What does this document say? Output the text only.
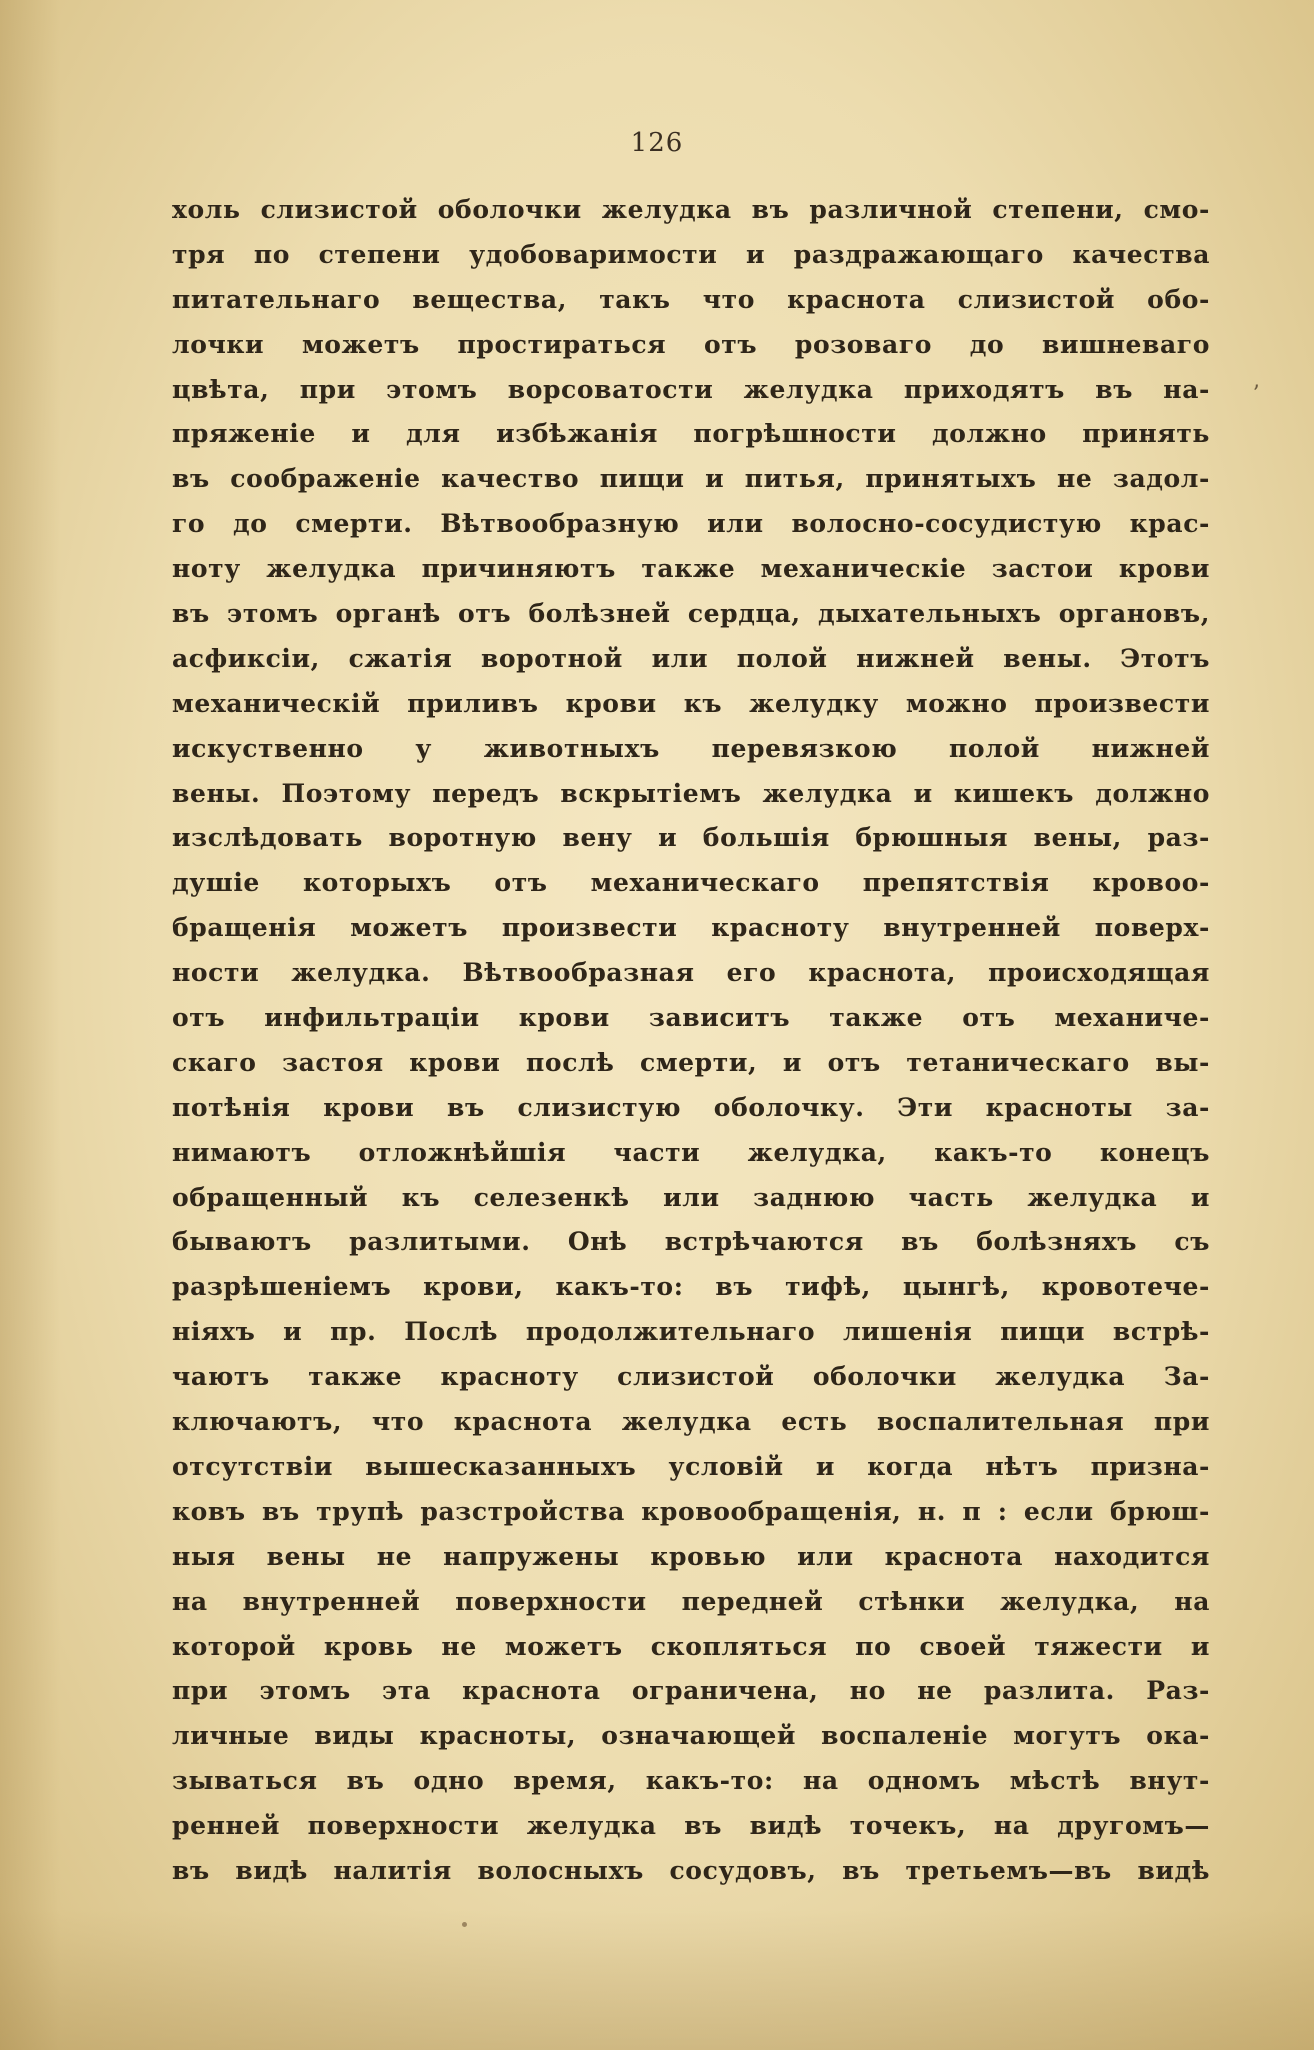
126
ʼ
холь слизистой оболочки желудка въ различной степени, смо-
тря по степени удобоваримости и раздражающаго качества
питательнаго вещества, такъ что краснота слизистой обо-
лочки можетъ простираться отъ розоваго до вишневаго
цвѣта, при этомъ ворсоватости желудка приходятъ въ на-
пряженіе и для избѣжанія погрѣшности должно принять
въ соображеніе качество пищи и питья, принятыхъ не задол-
го до смерти. Вѣтвообразную или волосно-сосудистую крас-
ноту желудка причиняютъ также механическіе застои крови
въ этомъ органѣ отъ болѣзней сердца, дыхательныхъ органовъ,
асфиксіи, сжатія воротной или полой нижней вены. Этотъ
механическій приливъ крови къ желудку можно произвести
искуственно у животныхъ перевязкою полой нижней
вены. Поэтому передъ вскрытіемъ желудка и кишекъ должно
изслѣдовать воротную вену и большія брюшныя вены, раз-
душіе которыхъ отъ механическаго препятствія кровоо-
бращенія можетъ произвести красноту внутренней поверх-
ности желудка. Вѣтвообразная его краснота, происходящая
отъ инфильтраціи крови зависитъ также отъ механиче-
скаго застоя крови послѣ смерти, и отъ тетаническаго вы-
потѣнія крови въ слизистую оболочку. Эти красноты за-
нимаютъ отложнѣйшія части желудка, какъ-то конецъ
обращенный къ селезенкѣ или заднюю часть желудка и
бываютъ разлитыми. Онѣ встрѣчаются въ болѣзняхъ съ
разрѣшеніемъ крови, какъ-то: въ тифѣ, цынгѣ, кровотече-
ніяхъ и пр. Послѣ продолжительнаго лишенія пищи встрѣ-
чаютъ также красноту слизистой оболочки желудка За-
ключаютъ, что краснота желудка есть воспалительная при
отсутствіи вышесказанныхъ условій и когда нѣтъ призна-
ковъ въ трупѣ разстройства кровообращенія, н. п : если брюш-
ныя вены не напружены кровью или краснота находится
на внутренней поверхности передней стѣнки желудка, на
которой кровь не можетъ скопляться по своей тяжести и
при этомъ эта краснота ограничена, но не разлита. Раз-
личные виды красноты, означающей воспаленіе могутъ ока-
зываться въ одно время, какъ-то: на одномъ мѣстѣ внут-
ренней поверхности желудка въ видѣ точекъ, на другомъ—
въ видѣ налитія волосныхъ сосудовъ, въ третьемъ—въ видѣ
